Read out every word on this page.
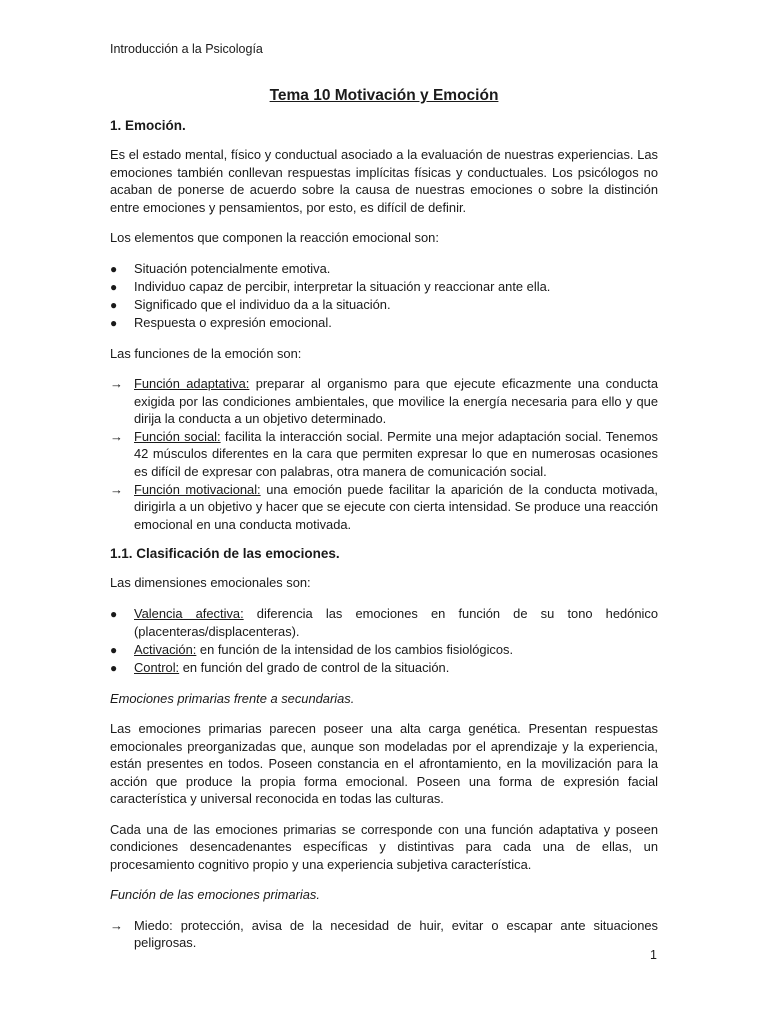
Introducción a la Psicología
Tema 10 Motivación y Emoción
1. Emoción.

Es el estado mental, físico y conductual asociado a la evaluación de nuestras experiencias. Las emociones también conllevan respuestas implícitas físicas y conductuales. Los psicólogos no acaban de ponerse de acuerdo sobre la causa de nuestras emociones o sobre la distinción entre emociones y pensamientos, por esto, es difícil de definir.

Los elementos que componen la reacción emocional son:

● Situación potencialmente emotiva.
● Individuo capaz de percibir, interpretar la situación y reaccionar ante ella.
● Significado que el individuo da a la situación.
● Respuesta o expresión emocional.

Las funciones de la emoción son:

→ Función adaptativa: preparar al organismo para que ejecute eficazmente una conducta exigida por las condiciones ambientales, que movilice la energía necesaria para ello y que dirija la conducta a un objetivo determinado.
→ Función social: facilita la interacción social. Permite una mejor adaptación social. Tenemos 42 músculos diferentes en la cara que permiten expresar lo que en numerosas ocasiones es difícil de expresar con palabras, otra manera de comunicación social.
→ Función motivacional: una emoción puede facilitar la aparición de la conducta motivada, dirigirla a un objetivo y hacer que se ejecute con cierta intensidad. Se produce una reacción emocional en una conducta motivada.
1.1. Clasificación de las emociones.

Las dimensiones emocionales son:

● Valencia afectiva: diferencia las emociones en función de su tono hedónico (placenteras/displacenteras).
● Activación: en función de la intensidad de los cambios fisiológicos.
● Control: en función del grado de control de la situación.

Emociones primarias frente a secundarias.

Las emociones primarias parecen poseer una alta carga genética. Presentan respuestas emocionales preorganizadas que, aunque son modeladas por el aprendizaje y la experiencia, están presentes en todos. Poseen constancia en el afrontamiento, en la movilización para la acción que produce la propia forma emocional. Poseen una forma de expresión facial característica y universal reconocida en todas las culturas.

Cada una de las emociones primarias se corresponde con una función adaptativa y poseen condiciones desencadenantes específicas y distintivas para cada una de ellas, un procesamiento cognitivo propio y una experiencia subjetiva característica.

Función de las emociones primarias.

→ Miedo: protección, avisa de la necesidad de huir, evitar o escapar ante situaciones peligrosas.
1
